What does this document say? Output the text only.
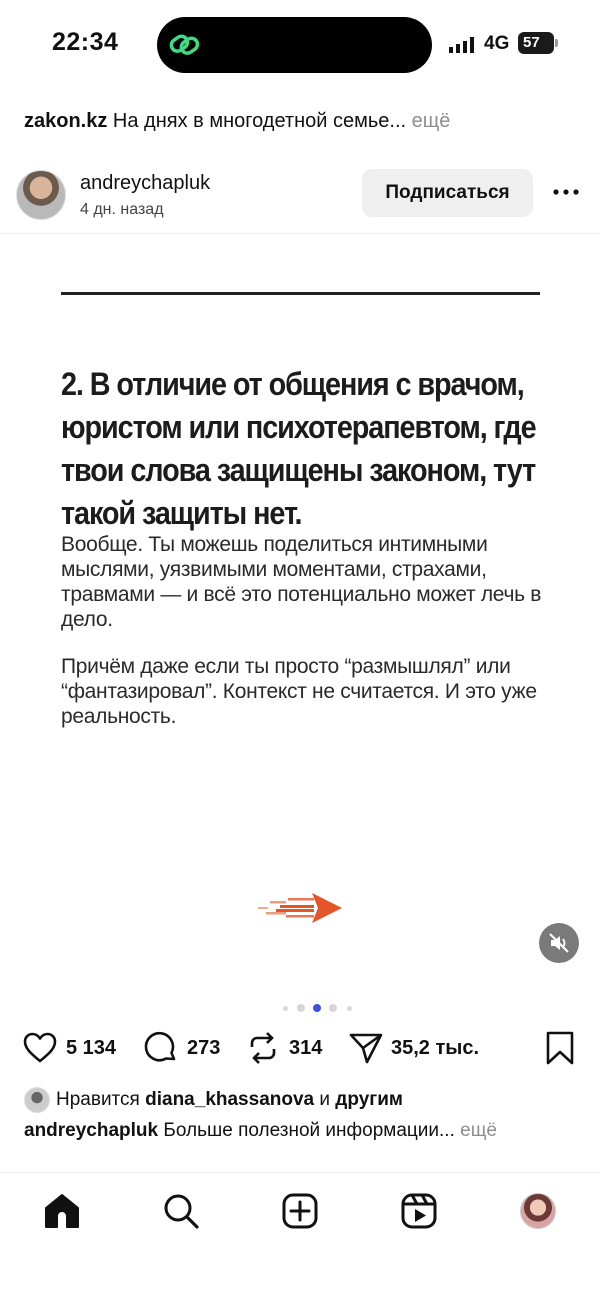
22:34	4G 57
zakon.kz На днях в многодетной семье... ещё
andreychapluk
4 дн. назад
Подписаться
2. В отличие от общения с врачом, юристом или психотерапевтом, где твои слова защищены законом, тут такой защиты нет.
Вообще. Ты можешь поделиться интимными мыслями, уязвимыми моментами, страхами, травмами — и всё это потенциально может лечь в дело.
Причём даже если ты просто “размышлял” или “фантазировал”. Контекст не считается. И это уже реальность.
5 134	273	314	35,2 тыс.
Нравится diana_khassanova и другим
andreychapluk Больше полезной информации... ещё
